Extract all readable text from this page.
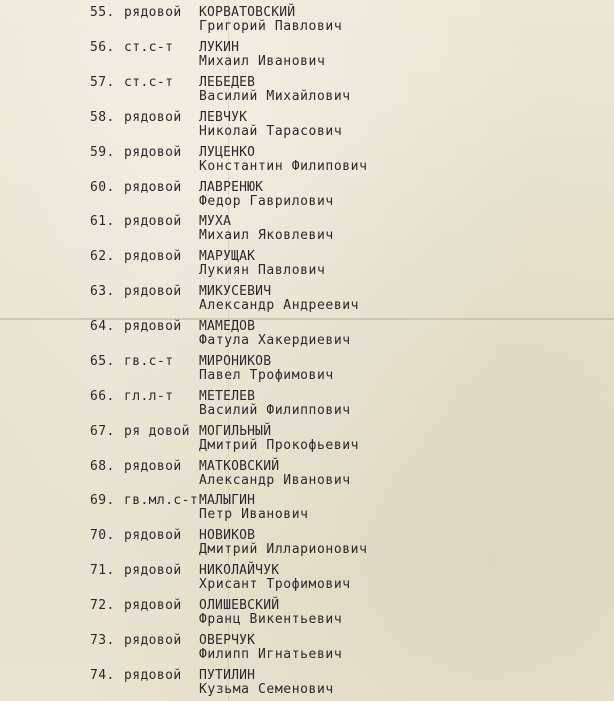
55. рядовой КОРВАТОВСКИЙ
Григорий Павлович
56. ст.с-т ЛУКИН
Михаил Иванович
57. ст.с-т ЛЕБЕДЕВ
Василий Михайлович
58. рядовой ЛЕВЧУК
Николай Тарасович
59. рядовой ЛУЦЕНКО
Константин Филипович
60. рядовой ЛАВРЕНЮК
Федор Гаврилович
61. рядовой МУХА
Михаил Яковлевич
62. рядовой МАРУЩАК
Лукиян Павлович
63. рядовой МИКУСЕВИЧ
Александр Андреевич
64. рядовой МАМЕДОВ
Фатула Хакердиевич
65. гв.с-т МИРОНИКОВ
Павел Трофимович
66. гл.л-т МЕТЕЛЕВ
Василий Филиппович
67. ря довой МОГИЛЬНЫЙ
Дмитрий Прокофьевич
68. рядовой МАТКОВСКИЙ
Александр Иванович
69. гв.мл.с-т МАЛЫГИН
Петр Иванович
70. рядовой НОВИКОВ
Дмитрий Илларионович
71. рядовой НИКОЛАЙЧУК
Хрисант Трофимович
72. рядовой ОЛИШЕВСКИЙ
Франц Викентьевич
73. рядовой ОВЕРЧУК
Филипп Игнатьевич
74. рядовой ПУТИЛИН
Кузьма Семенович
